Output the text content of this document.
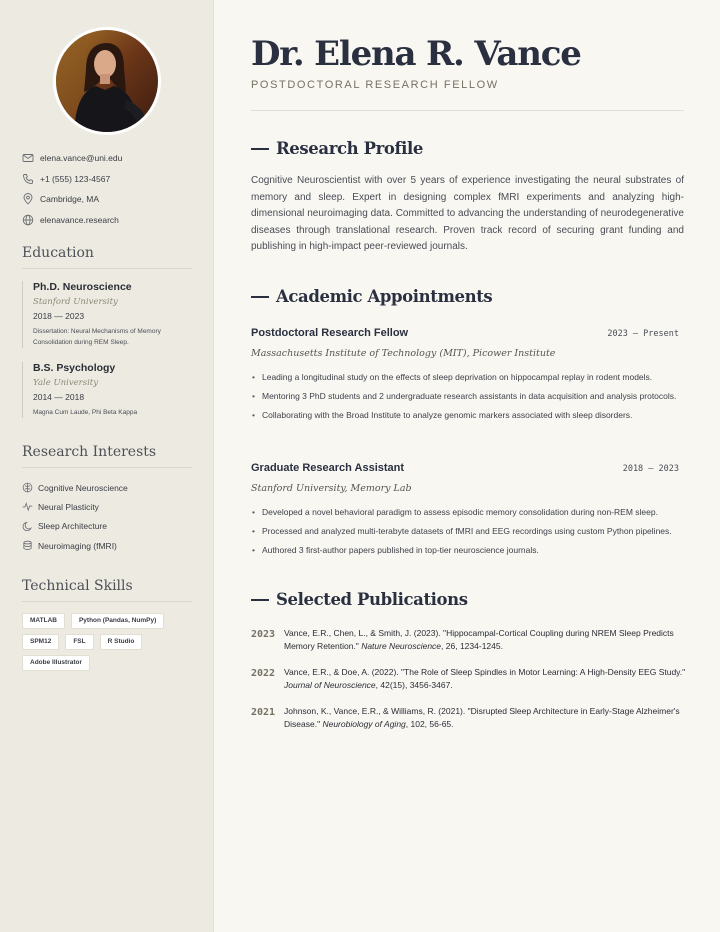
elena.vance@uni.edu
+1 (555) 123-4567
Cambridge, MA
elenavance.research
Education
Ph.D. Neuroscience
Stanford University
2018 — 2023
Dissertation: Neural Mechanisms of Memory Consolidation during REM Sleep.
B.S. Psychology
Yale University
2014 — 2018
Magna Cum Laude, Phi Beta Kappa
Research Interests
Cognitive Neuroscience
Neural Plasticity
Sleep Architecture
Neuroimaging (fMRI)
Technical Skills
MATLAB	Python (Pandas, NumPy)
SPM12	FSL	R Studio
Adobe Illustrator
Dr. Elena R. Vance
POSTDOCTORAL RESEARCH FELLOW
Research Profile
Cognitive Neuroscientist with over 5 years of experience investigating the neural substrates of memory and sleep. Expert in designing complex fMRI experiments and analyzing high-dimensional neuroimaging data. Committed to advancing the understanding of neurodegenerative diseases through translational research. Proven track record of securing grant funding and publishing in high-impact peer-reviewed journals.
Academic Appointments
Postdoctoral Research Fellow	2023 — Present
Massachusetts Institute of Technology (MIT), Picower Institute
• Leading a longitudinal study on the effects of sleep deprivation on hippocampal replay in rodent models.
• Mentoring 3 PhD students and 2 undergraduate research assistants in data acquisition and analysis protocols.
• Collaborating with the Broad Institute to analyze genomic markers associated with sleep disorders.
Graduate Research Assistant	2018 — 2023
Stanford University, Memory Lab
• Developed a novel behavioral paradigm to assess episodic memory consolidation during non-REM sleep.
• Processed and analyzed multi-terabyte datasets of fMRI and EEG recordings using custom Python pipelines.
• Authored 3 first-author papers published in top-tier neuroscience journals.
Selected Publications
2023	Vance, E.R., Chen, L., & Smith, J. (2023). "Hippocampal-Cortical Coupling during NREM Sleep Predicts Memory Retention." Nature Neuroscience, 26, 1234-1245.
2022	Vance, E.R., & Doe, A. (2022). "The Role of Sleep Spindles in Motor Learning: A High-Density EEG Study." Journal of Neuroscience, 42(15), 3456-3467.
2021	Johnson, K., Vance, E.R., & Williams, R. (2021). "Disrupted Sleep Architecture in Early-Stage Alzheimer's Disease." Neurobiology of Aging, 102, 56-65.
